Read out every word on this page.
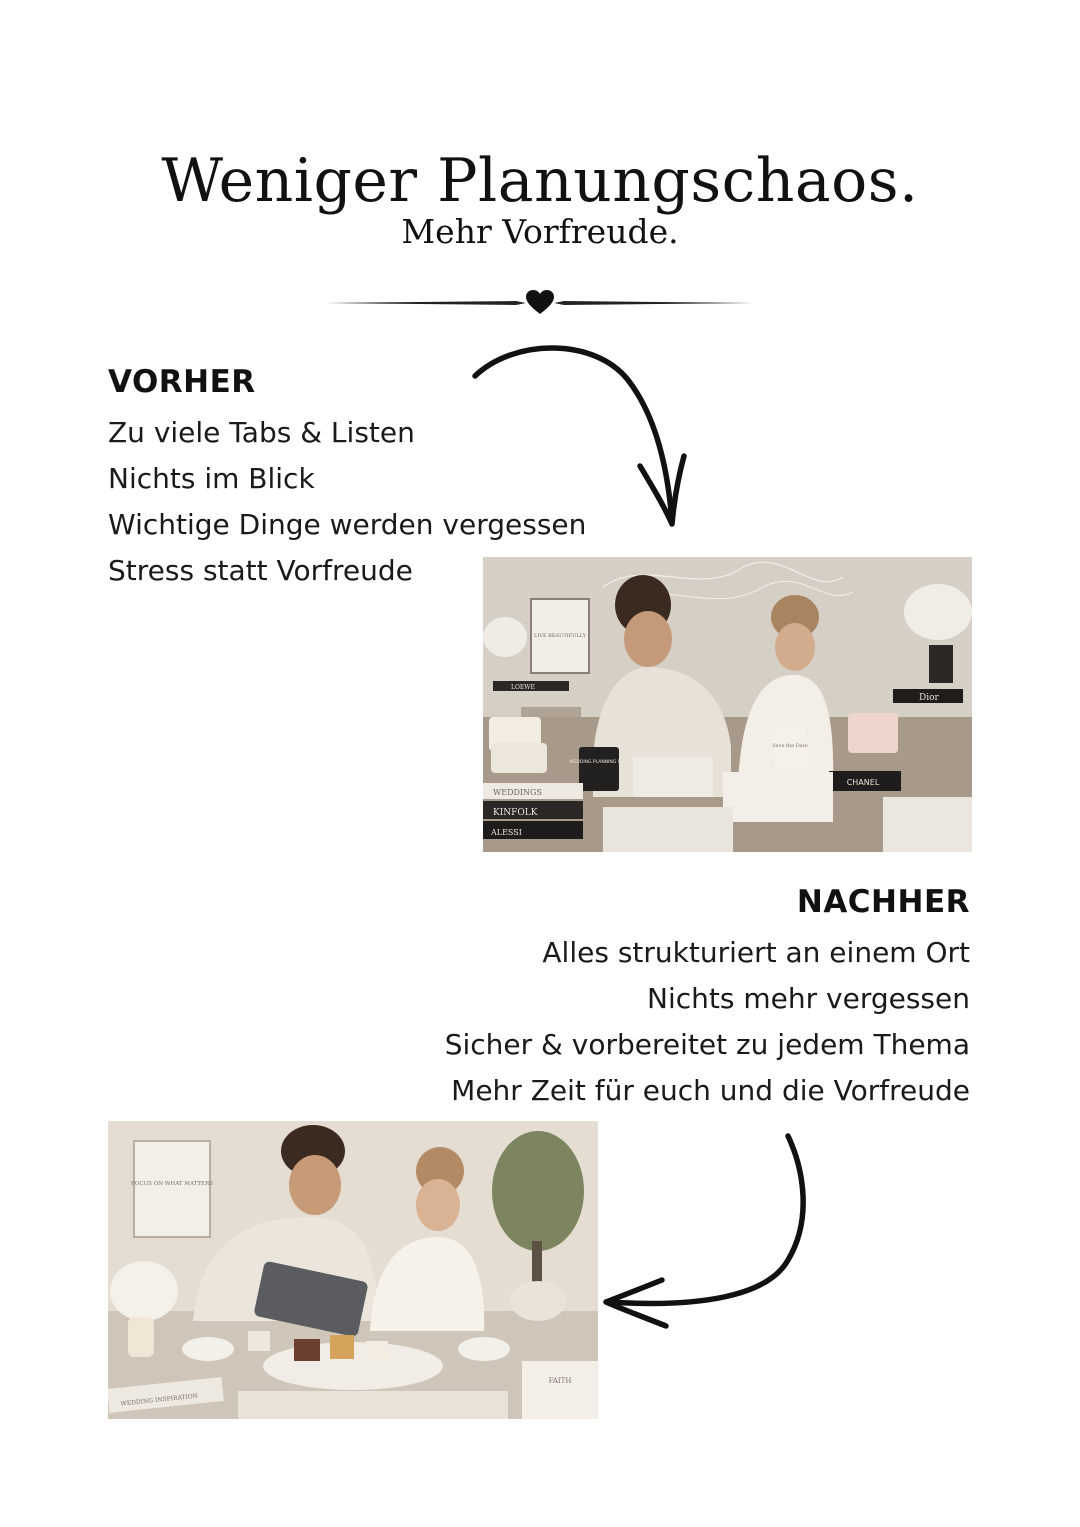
Weniger Planungschaos.
Mehr Vorfreude.
VORHER
Zu viele Tabs & Listen
Nichts im Blick
Wichtige Dinge werden vergessen
Stress statt Vorfreude
LIVE BEAUTIFULLY
Dior
CHANEL
WEDDING PLANNING FUEL
WEDDINGS
KINFOLK
ALESSI
LOEWE
Save the Date
NACHHER
Alles strukturiert an einem Ort
Nichts mehr vergessen
Sicher & vorbereitet zu jedem Thema
Mehr Zeit für euch und die Vorfreude
FOCUS ON WHAT MATTERS
WEDDING INSPIRATION
FAITH
